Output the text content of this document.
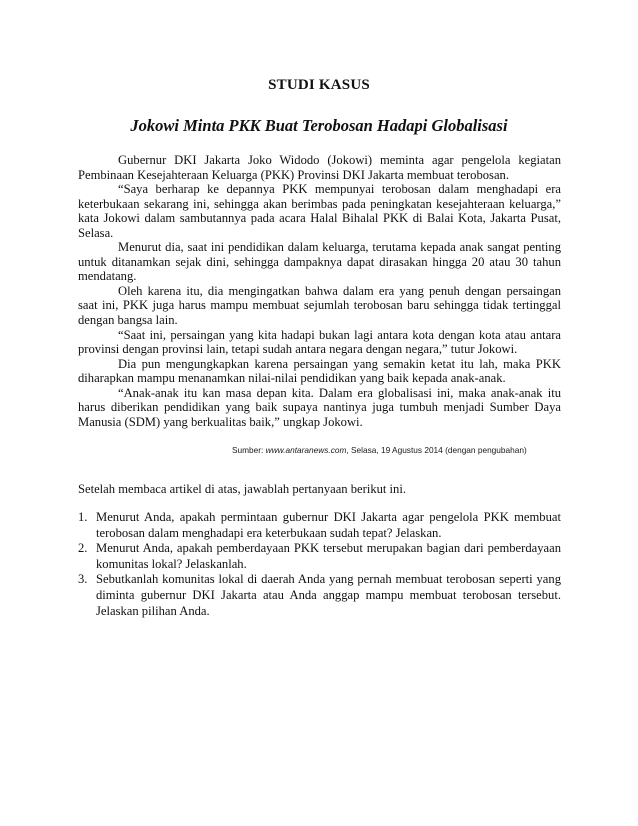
STUDI KASUS
Jokowi Minta PKK Buat Terobosan Hadapi Globalisasi

Gubernur DKI Jakarta Joko Widodo (Jokowi) meminta agar pengelola kegiatan Pembinaan Kesejahteraan Keluarga (PKK) Provinsi DKI Jakarta membuat terobosan.

“Saya berharap ke depannya PKK mempunyai terobosan dalam menghadapi era keterbukaan sekarang ini, sehingga akan berimbas pada peningkatan kesejahteraan keluarga,” kata Jokowi dalam sambutannya pada acara Halal Bihalal PKK di Balai Kota, Jakarta Pusat, Selasa.

Menurut dia, saat ini pendidikan dalam keluarga, terutama kepada anak sangat penting untuk ditanamkan sejak dini, sehingga dampaknya dapat dirasakan hingga 20 atau 30 tahun mendatang.

Oleh karena itu, dia mengingatkan bahwa dalam era yang penuh dengan persaingan saat ini, PKK juga harus mampu membuat sejumlah terobosan baru sehingga tidak tertinggal dengan bangsa lain.

“Saat ini, persaingan yang kita hadapi bukan lagi antara kota dengan kota atau antara provinsi dengan provinsi lain, tetapi sudah antara negara dengan negara,” tutur Jokowi.

Dia pun mengungkapkan karena persaingan yang semakin ketat itu lah, maka PKK diharapkan mampu menanamkan nilai-nilai pendidikan yang baik kepada anak-anak.

“Anak-anak itu kan masa depan kita. Dalam era globalisasi ini, maka anak-anak itu harus diberikan pendidikan yang baik supaya nantinya juga tumbuh menjadi Sumber Daya Manusia (SDM) yang berkualitas baik,” ungkap Jokowi.

Sumber: www.antaranews.com, Selasa, 19 Agustus 2014 (dengan pengubahan)

Setelah membaca artikel di atas, jawablah pertanyaan berikut ini.

1. Menurut Anda, apakah permintaan gubernur DKI Jakarta agar pengelola PKK membuat terobosan dalam menghadapi era keterbukaan sudah tepat? Jelaskan.
2. Menurut Anda, apakah pemberdayaan PKK tersebut merupakan bagian dari pemberdayaan komunitas lokal? Jelaskanlah.
3. Sebutkanlah komunitas lokal di daerah Anda yang pernah membuat terobosan seperti yang diminta gubernur DKI Jakarta atau Anda anggap mampu membuat terobosan tersebut. Jelaskan pilihan Anda.
